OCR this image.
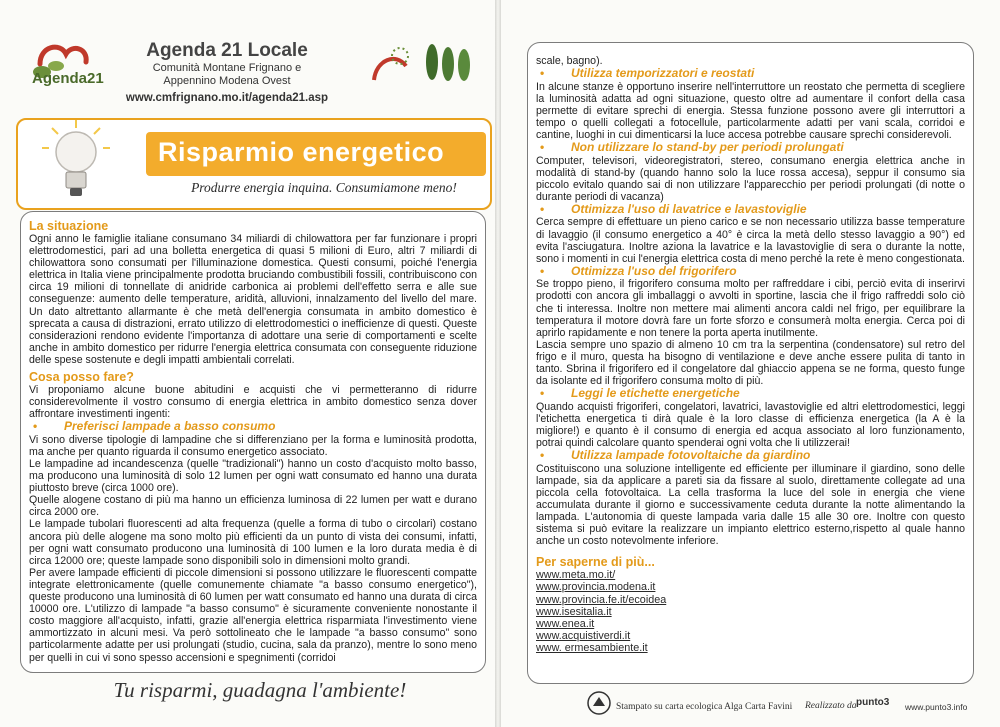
Agenda21
Agenda 21 Locale
Comunità Montane Frignano e
Appennino Modena Ovest
www.cmfrignano.mo.it/agenda21.asp
Risparmio energetico
Produrre energia inquina. Consumiamone meno!

La situazione

Ogni anno le famiglie italiane consumano 34 miliardi di chilowattora per far funzionare i propri elettrodomestici, pari ad una bolletta energetica di quasi 5 milioni di Euro, altri 7 miliardi di chilowattora sono consumati per l'illuminazione domestica. Questi consumi, poiché l'energia elettrica in Italia viene principalmente prodotta bruciando combustibili fossili, contribuiscono con circa 19 milioni di tonnellate di anidride carbonica ai problemi dell'effetto serra e alle sue conseguenze: aumento delle temperature, aridità, alluvioni, innalzamento del livello del mare. Un dato altrettanto allarmante è che metà dell'energia consumata in ambito domestico è sprecata a causa di distrazioni, errato utilizzo di elettrodomestici o inefficienze di questi. Queste considerazioni rendono evidente l'importanza di adottare una serie di comportamenti e scelte anche in ambito domestico per ridurre l'energia elettrica consumata con conseguente riduzione delle spese sostenute e degli impatti ambientali correlati.

Cosa posso fare?

Vi proponiamo alcune buone abitudini e acquisti che vi permetteranno di ridurre considerevolmente il vostro consumo di energia elettrica in ambito domestico senza dover affrontare investimenti ingenti:

• Preferisci lampade a basso consumo

Vi sono diverse tipologie di lampadine che si differenziano per la forma e luminosità prodotta, ma anche per quanto riguarda il consumo energetico associato.

Le lampadine ad incandescenza (quelle "tradizionali") hanno un costo d'acquisto molto basso, ma producono una luminosità di solo 12 lumen per ogni watt consumato ed hanno una durata piuttosto breve (circa 1000 ore).

Quelle alogene costano di più ma hanno un efficienza luminosa di 22 lumen per watt e durano circa 2000 ore.

Le lampade tubolari fluorescenti ad alta frequenza (quelle a forma di tubo o circolari) costano ancora più delle alogene ma sono molto più efficienti da un punto di vista dei consumi, infatti, per ogni watt consumato producono una luminosità di 100 lumen e la loro durata media è di circa 12000 ore; queste lampade sono disponibili solo in dimensioni molto grandi.

Per avere lampade efficienti di piccole dimensioni si possono utilizzare le fluorescenti compatte integrate elettronicamente (quelle comunemente chiamate "a basso consumo energetico"), queste producono una luminosità di 60 lumen per watt consumato ed hanno una durata di circa 10000 ore. L'utilizzo di lampade "a basso consumo" è sicuramente conveniente nonostante il costo maggiore all'acquisto, infatti, grazie all'energia elettrica risparmiata l'investimento viene ammortizzato in alcuni mesi. Va però sottolineato che le lampade "a basso consumo" sono particolarmente adatte per usi prolungati (studio, cucina, sala da pranzo), mentre lo sono meno per quelli in cui vi sono spesso accensioni e spegnimenti (corridoi

Tu risparmi, guadagna l'ambiente!

scale, bagno).

• Utilizza temporizzatori e reostati

In alcune stanze è opportuno inserire nell'interruttore un reostato che permetta di scegliere la luminosità adatta ad ogni situazione, questo oltre ad aumentare il confort della casa permette di evitare sprechi di energia. Stessa funzione possono avere gli interruttori a tempo o quelli collegati a fotocellule, particolarmente adatti per vani scala, corridoi e cantine, luoghi in cui dimenticarsi la luce accesa potrebbe causare sprechi considerevoli.

• Non utilizzare lo stand-by per periodi prolungati

Computer, televisori, videoregistratori, stereo, consumano energia elettrica anche in modalità di stand-by (quando hanno solo la luce rossa accesa), seppur il consumo sia piccolo evitalo quando sai di non utilizzare l'apparecchio per periodi prolungati (di notte o durante periodi di vacanza)

• Ottimizza l'uso di lavatrice e lavastoviglie

Cerca sempre di effettuare un pieno carico e se non necessario utilizza basse temperature di lavaggio (il consumo energetico a 40° è circa la metà dello stesso lavaggio a 90°) ed evita l'asciugatura. Inoltre aziona la lavatrice e la lavastoviglie di sera o durante la notte, sono i momenti in cui l'energia elettrica costa di meno perché la rete è meno congestionata.

• Ottimizza l'uso del frigorifero

Se troppo pieno, il frigorifero consuma molto per raffreddare i cibi, perciò evita di inserirvi prodotti con ancora gli imballaggi o avvolti in sportine, lascia che il frigo raffreddi solo ciò che ti interessa. Inoltre non mettere mai alimenti ancora caldi nel frigo, per equilibrare la temperatura il motore dovrà fare un forte sforzo e consumerà molta energia. Cerca poi di aprirlo rapidamente e non tenere la porta aperta inutilmente.

Lascia sempre uno spazio di almeno 10 cm tra la serpentina (condensatore) sul retro del frigo e il muro, questa ha bisogno di ventilazione e deve anche essere pulita di tanto in tanto. Sbrina il frigorifero ed il congelatore dal ghiaccio appena se ne forma, questo funge da isolante ed il frigorifero consuma molto di più.

• Leggi le etichette energetiche

Quando acquisti frigoriferi, congelatori, lavatrici, lavastoviglie ed altri elettrodomestici, leggi l'etichetta energetica ti dirà quale è la loro classe di efficienza energetica (la A è la migliore!) e quanto è il consumo di energia ed acqua associato al loro funzionamento, potrai quindi calcolare quanto spenderai ogni volta che li utilizzerai!

• Utilizza lampade fotovoltaiche da giardino

Costituiscono una soluzione intelligente ed efficiente per illuminare il giardino, sono delle lampade, sia da applicare a pareti sia da fissare al suolo, direttamente collegate ad una piccola cella fotovoltaica. La cella trasforma la luce del sole in energia che viene accumulata durante il giorno e successivamente ceduta durante la notte alimentando la lampada. L'autonomia di queste lampada varia dalle 15 alle 30 ore. Inoltre con questo sistema si può evitare la realizzare un impianto elettrico esterno,rispetto al quale hanno anche un costo notevolmente inferiore.

Per saperne di più...

www.meta.mo.it/
www.provincia.modena.it
www.provincia.fe.it/ecoidea
www.isesitalia.it
www.enea.it
www.acquistiverdi.it
www. ermesambiente.it
Stampato su carta ecologica Alga Carta Favini Realizzato da punto3 www.punto3.info
